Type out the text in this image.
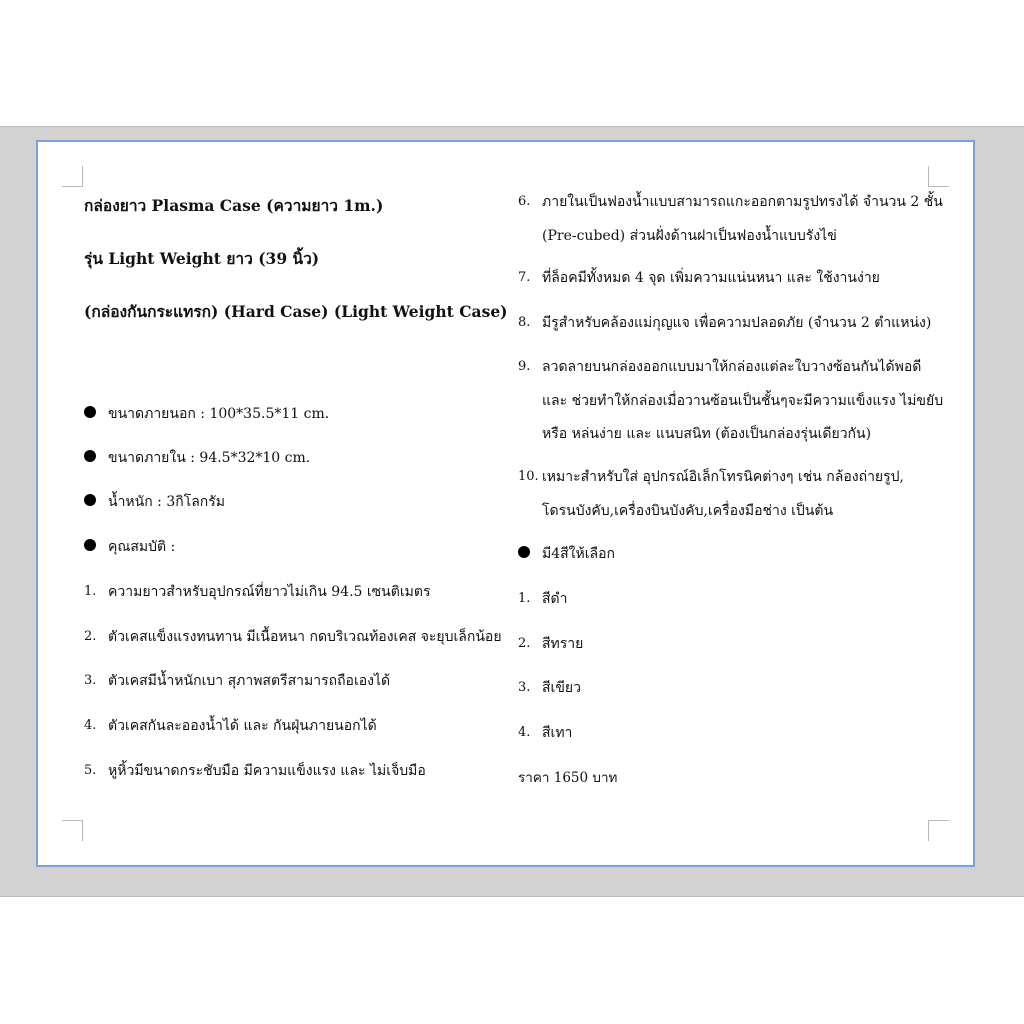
กล่องยาว Plasma Case (ความยาว 1m.)
รุ่น Light Weight ยาว (39 นิ้ว)
(กล่องกันกระแทรก) (Hard Case) (Light Weight Case)
ขนาดภายนอก : 100*35.5*11 cm.
ขนาดภายใน : 94.5*32*10 cm.
น้ำหนัก : 3กิโลกรัม
คุณสมบัติ :
1. ความยาวสำหรับอุปกรณ์ที่ยาวไม่เกิน 94.5 เซนติเมตร
2. ตัวเคสแข็งแรงทนทาน มีเนื้อหนา กดบริเวณท้องเคส จะยุบเล็กน้อย
3. ตัวเคสมีน้ำหนักเบา สุภาพสตรีสามารถถือเองได้
4. ตัวเคสกันละอองน้ำได้ และ กันฝุ่นภายนอกได้
5. หูหิ้วมีขนาดกระชับมือ มีความแข็งแรง และ ไม่เจ็บมือ
6. ภายในเป็นฟองน้ำแบบสามารถแกะออกตามรูปทรงได้ จำนวน 2 ชั้น
(Pre-cubed) ส่วนฝั่งด้านฝาเป็นฟองน้ำแบบรังไข่
7. ที่ล็อคมีทั้งหมด 4 จุด เพิ่มความแน่นหนา และ ใช้งานง่าย
8. มีรูสำหรับคล้องแม่กุญแจ เพื่อความปลอดภัย (จำนวน 2 ตำแหน่ง)
9. ลวดลายบนกล่องออกแบบมาให้กล่องแต่ละใบวางซ้อนกันได้พอดี
และ ช่วยทำให้กล่องเมื่อวานซ้อนเป็นชั้นๆจะมีความแข็งแรง ไม่ขยับ
หรือ หล่นง่าย และ แนบสนิท (ต้องเป็นกล่องรุ่นเดียวกัน)
10. เหมาะสำหรับใส่ อุปกรณ์อิเล็กโทรนิคต่างๆ เช่น กล้องถ่ายรูป,
โดรนบังคับ,เครื่องบินบังคับ,เครื่องมือช่าง เป็นต้น
มี4สีให้เลือก
1. สีดำ
2. สีทราย
3. สีเขียว
4. สีเทา
ราคา 1650 บาท
